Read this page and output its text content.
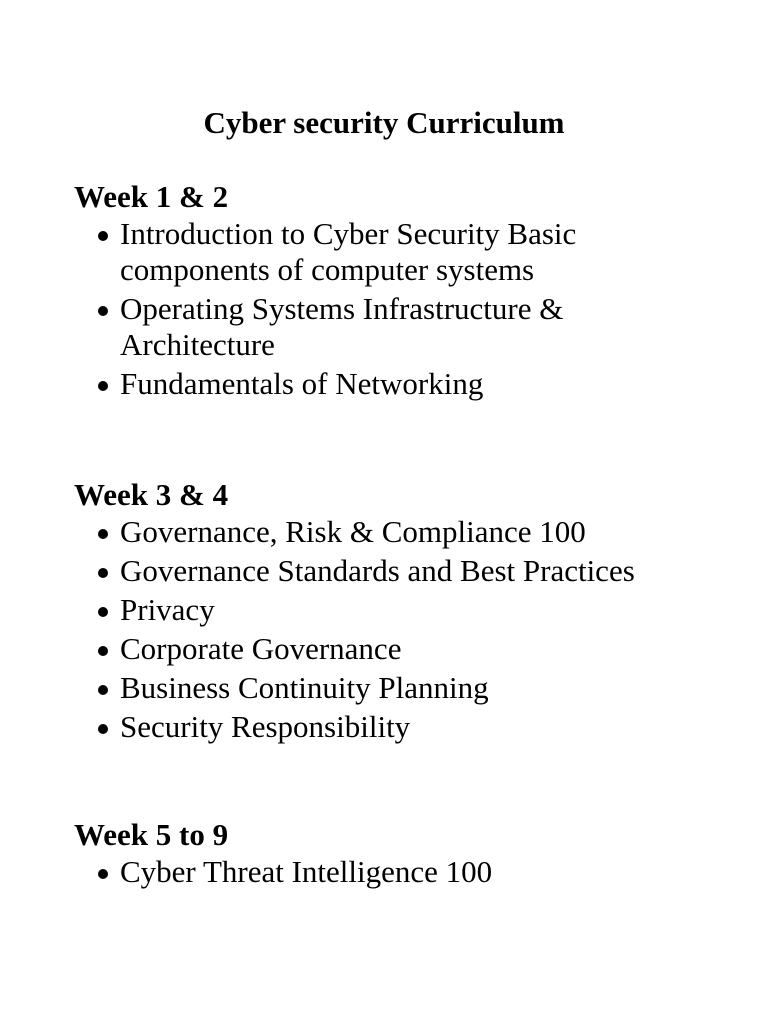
Cyber security Curriculum
Week 1 & 2
Introduction to Cyber Security Basic components of computer systems
Operating Systems Infrastructure & Architecture
Fundamentals of Networking
Week 3 & 4
Governance, Risk & Compliance 100
Governance Standards and Best Practices
Privacy
Corporate Governance
Business Continuity Planning
Security Responsibility
Week 5 to 9
Cyber Threat Intelligence 100
